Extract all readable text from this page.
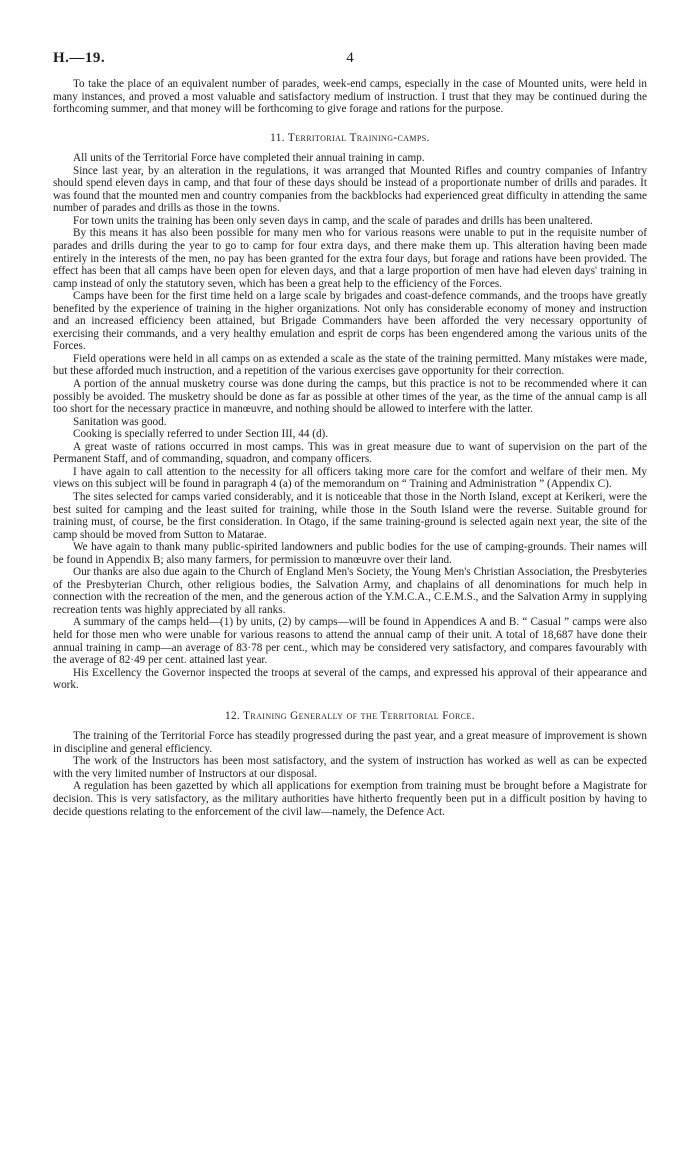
H.—19.	4

To take the place of an equivalent number of parades, week-end camps, especially in the case of Mounted units, were held in many instances, and proved a most valuable and satisfactory medium of instruction. I trust that they may be continued during the forthcoming summer, and that money will be forthcoming to give forage and rations for the purpose.

11. Territorial Training-camps.

All units of the Territorial Force have completed their annual training in camp.

Since last year, by an alteration in the regulations, it was arranged that Mounted Rifles and country companies of Infantry should spend eleven days in camp, and that four of these days should be instead of a proportionate number of drills and parades. It was found that the mounted men and country companies from the backblocks had experienced great difficulty in attending the same number of parades and drills as those in the towns.

For town units the training has been only seven days in camp, and the scale of parades and drills has been unaltered.

By this means it has also been possible for many men who for various reasons were unable to put in the requisite number of parades and drills during the year to go to camp for four extra days, and there make them up. This alteration having been made entirely in the interests of the men, no pay has been granted for the extra four days, but forage and rations have been provided. The effect has been that all camps have been open for eleven days, and that a large proportion of men have had eleven days' training in camp instead of only the statutory seven, which has been a great help to the efficiency of the Forces.

Camps have been for the first time held on a large scale by brigades and coast-defence commands, and the troops have greatly benefited by the experience of training in the higher organizations. Not only has considerable economy of money and instruction and an increased efficiency been attained, but Brigade Commanders have been afforded the very necessary opportunity of exercising their commands, and a very healthy emulation and esprit de corps has been engendered among the various units of the Forces.

Field operations were held in all camps on as extended a scale as the state of the training permitted. Many mistakes were made, but these afforded much instruction, and a repetition of the various exercises gave opportunity for their correction.

A portion of the annual musketry course was done during the camps, but this practice is not to be recommended where it can possibly be avoided. The musketry should be done as far as possible at other times of the year, as the time of the annual camp is all too short for the necessary practice in manœuvre, and nothing should be allowed to interfere with the latter.

Sanitation was good.

Cooking is specially referred to under Section III, 44 (d).

A great waste of rations occurred in most camps. This was in great measure due to want of supervision on the part of the Permanent Staff, and of commanding, squadron, and company officers.

I have again to call attention to the necessity for all officers taking more care for the comfort and welfare of their men. My views on this subject will be found in paragraph 4 (a) of the memorandum on “ Training and Administration ” (Appendix C).

The sites selected for camps varied considerably, and it is noticeable that those in the North Island, except at Kerikeri, were the best suited for camping and the least suited for training, while those in the South Island were the reverse. Suitable ground for training must, of course, be the first consideration. In Otago, if the same training-ground is selected again next year, the site of the camp should be moved from Sutton to Matarae.

We have again to thank many public-spirited landowners and public bodies for the use of camping-grounds. Their names will be found in Appendix B; also many farmers, for permission to manœuvre over their land.

Our thanks are also due again to the Church of England Men's Society, the Young Men's Christian Association, the Presbyteries of the Presbyterian Church, other religious bodies, the Salvation Army, and chaplains of all denominations for much help in connection with the recreation of the men, and the generous action of the Y.M.C.A., C.E.M.S., and the Salvation Army in supplying recreation tents was highly appreciated by all ranks.

A summary of the camps held—(1) by units, (2) by camps—will be found in Appendices A and B. “ Casual ” camps were also held for those men who were unable for various reasons to attend the annual camp of their unit. A total of 18,687 have done their annual training in camp—an average of 83·78 per cent., which may be considered very satisfactory, and compares favourably with the average of 82·49 per cent. attained last year.

His Excellency the Governor inspected the troops at several of the camps, and expressed his approval of their appearance and work.

12. Training Generally of the Territorial Force.

The training of the Territorial Force has steadily progressed during the past year, and a great measure of improvement is shown in discipline and general efficiency.

The work of the Instructors has been most satisfactory, and the system of instruction has worked as well as can be expected with the very limited number of Instructors at our disposal.

A regulation has been gazetted by which all applications for exemption from training must be brought before a Magistrate for decision. This is very satisfactory, as the military authorities have hitherto frequently been put in a difficult position by having to decide questions relating to the enforcement of the civil law—namely, the Defence Act.
